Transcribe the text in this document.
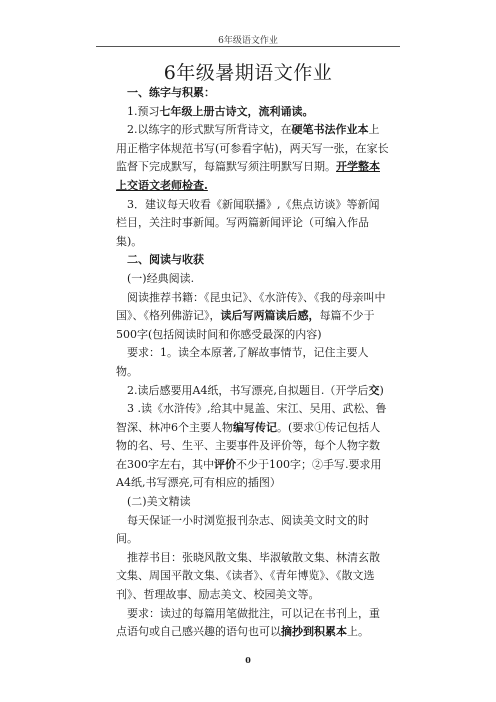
6年级语文作业
6年级暑期语文作业

一、练字与积累：

1.预习七年级上册古诗文，流利诵读。

2.以练字的形式默写所背诗文，在硬笔书法作业本上用正楷字体规范书写(可参看字帖)，两天写一张，在家长监督下完成默写，每篇默写须注明默写日期。开学整本上交语文老师检查.

3．建议每天收看《新闻联播》,《焦点访谈》等新闻栏目，关注时事新闻。写两篇新闻评论（可编入作品集)。

二、阅读与收获

(一)经典阅读.

阅读推荐书籍：《昆虫记》、《水浒传》、《我的母亲叫中国》、《格列佛游记》，读后写两篇读后感，每篇不少于500字(包括阅读时间和你感受最深的内容)

要求：1。读全本原著,了解故事情节，记住主要人物。

2.读后感要用A4纸，书写漂亮,自拟题目.（开学后交)

3 .读《水浒传》,给其中晁盖、宋江、吴用、武松、鲁智深、林冲6个主要人物编写传记。(要求①传记包括人物的名、号、生平、主要事件及评价等，每个人物字数在300字左右，其中评价不少于100字；②手写.要求用A4纸,书写漂亮,可有相应的插图）

(二)美文精读

每天保证一小时浏览报刊杂志、阅读美文时文的时间。

推荐书目：张晓风散文集、毕淑敏散文集、林清玄散文集、周国平散文集、《读者》、《青年博览》、《散文选刊》、哲理故事、励志美文、校园美文等。

要求：读过的每篇用笔做批注，可以记在书刊上，重点语句或自己感兴趣的语句也可以摘抄到积累本上。

0
